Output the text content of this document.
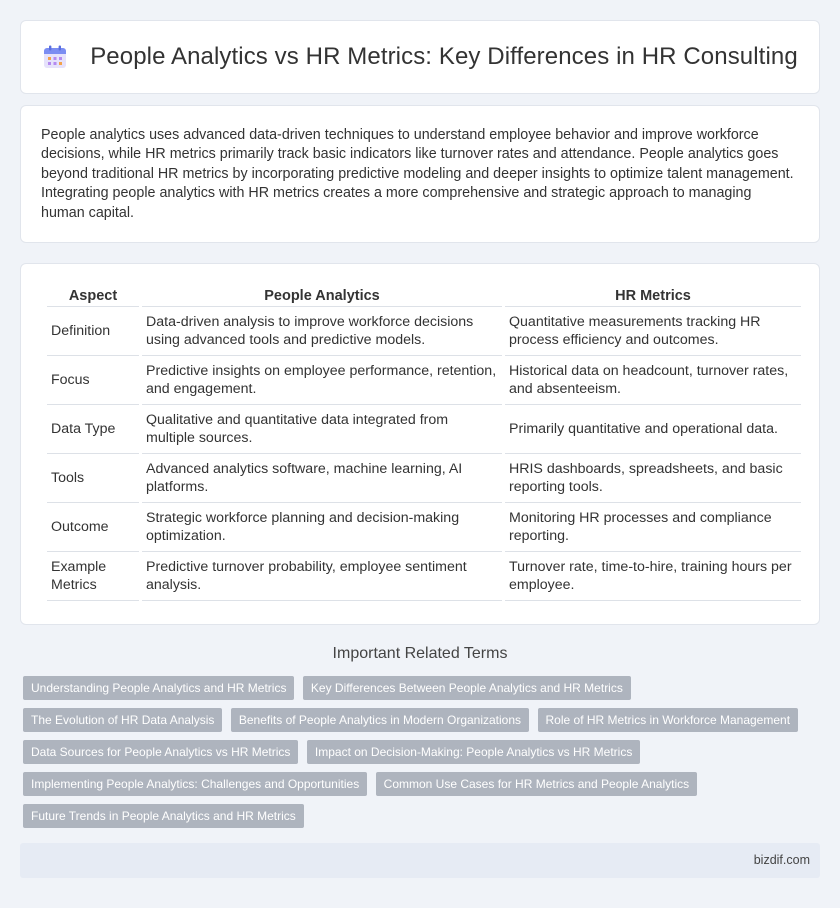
People Analytics vs HR Metrics: Key Differences in HR Consulting

People analytics uses advanced data-driven techniques to understand employee behavior and improve workforce decisions, while HR metrics primarily track basic indicators like turnover rates and attendance. People analytics goes beyond traditional HR metrics by incorporating predictive modeling and deeper insights to optimize talent management. Integrating people analytics with HR metrics creates a more comprehensive and strategic approach to managing human capital.

Aspect	People Analytics	HR Metrics
Definition	Data-driven analysis to improve workforce decisions using advanced tools and predictive models.	Quantitative measurements tracking HR process efficiency and outcomes.
Focus	Predictive insights on employee performance, retention, and engagement.	Historical data on headcount, turnover rates, and absenteeism.
Data Type	Qualitative and quantitative data integrated from multiple sources.	Primarily quantitative and operational data.
Tools	Advanced analytics software, machine learning, AI platforms.	HRIS dashboards, spreadsheets, and basic reporting tools.
Outcome	Strategic workforce planning and decision-making optimization.	Monitoring HR processes and compliance reporting.
Example Metrics	Predictive turnover probability, employee sentiment analysis.	Turnover rate, time-to-hire, training hours per employee.
Important Related Terms
Understanding People Analytics and HR Metrics Key Differences Between People Analytics and HR Metrics
The Evolution of HR Data Analysis Benefits of People Analytics in Modern Organizations Role of HR Metrics in Workforce Management
Data Sources for People Analytics vs HR Metrics Impact on Decision-Making: People Analytics vs HR Metrics
Implementing People Analytics: Challenges and Opportunities Common Use Cases for HR Metrics and People Analytics
Future Trends in People Analytics and HR Metrics
bizdif.com
